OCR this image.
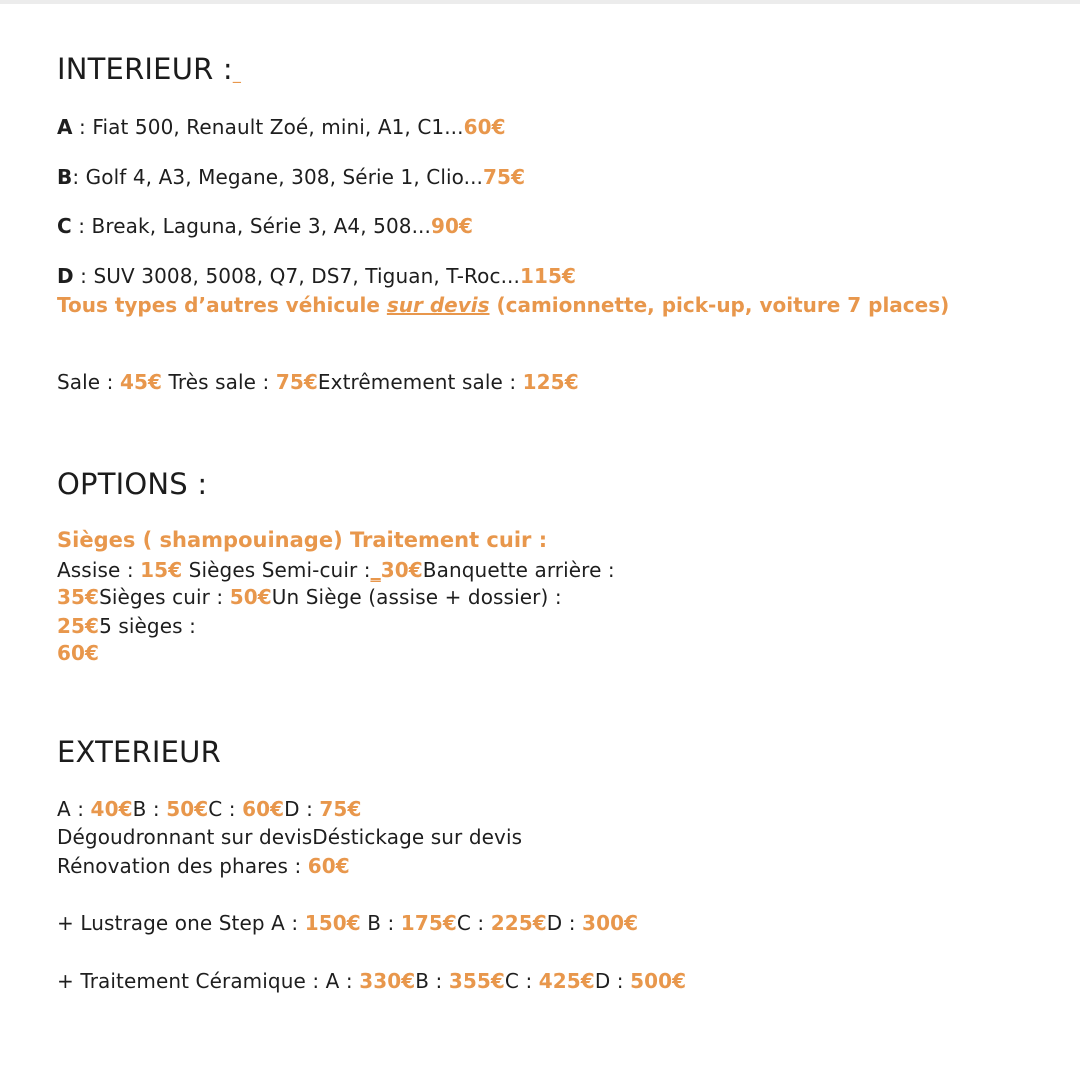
INTERIEUR :_
A : Fiat 500, Renault Zoé, mini, A1, C1...60€
B: Golf 4, A3, Megane, 308, Série 1, Clio...75€
C : Break, Laguna, Série 3, A4, 508...90€
D : SUV 3008, 5008, Q7, DS7, Tiguan, T-Roc...115€
Tous types d’autres véhicule sur devis (camionnette, pick-up, voiture 7 places)
Sale : 45€ Très sale : 75€Extrêmement sale : 125€
OPTIONS :
Sièges ( shampouinage) Traitement cuir :
Assise : 15€ Sièges Semi-cuir :_30€Banquette arrière :
35€Sièges cuir : 50€Un Siège (assise + dossier) :
25€5 sièges :
60€
EXTERIEUR
A : 40€B : 50€C : 60€D : 75€
Dégoudronnant sur devisDéstickage sur devis
Rénovation des phares : 60€
+ Lustrage one Step A : 150€ B : 175€C : 225€D : 300€
+ Traitement Céramique : A : 330€B : 355€C : 425€D : 500€
